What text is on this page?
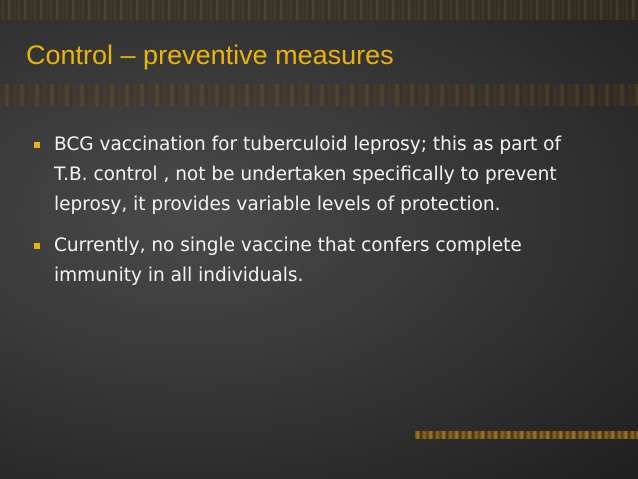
Control – preventive measures
BCG vaccination for tuberculoid leprosy; this as part of T.B. control , not be undertaken specifically to prevent leprosy, it provides variable levels of protection.
Currently, no single vaccine that confers complete immunity in all individuals.
